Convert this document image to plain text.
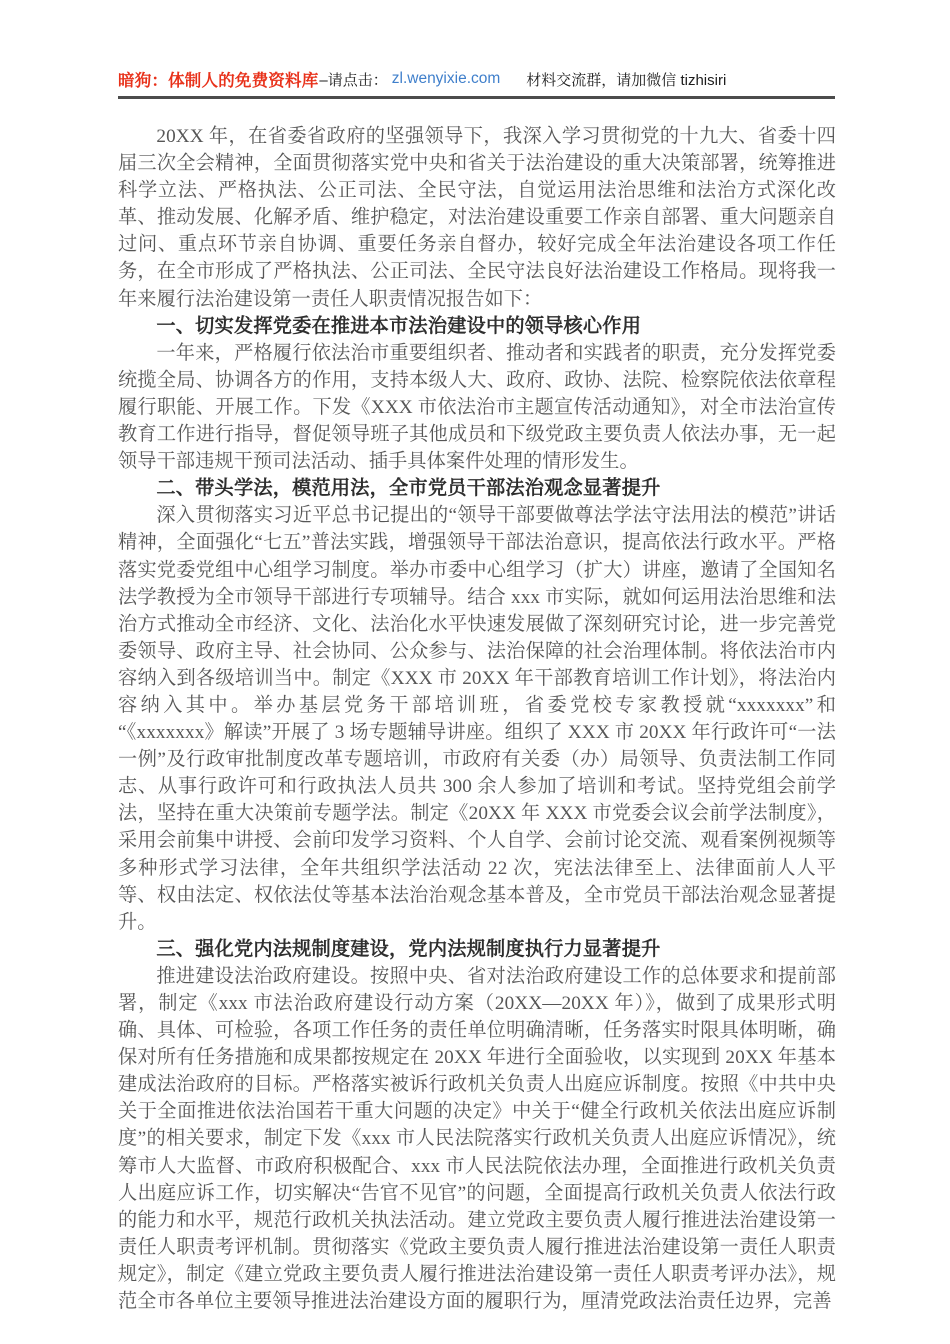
暗狗：体制人的免费资料库 –请点击： zl.wenyixie.com 材料交流群，请加微信 tizhisiri

20XX 年，在省委省政府的坚强领导下，我深入学习贯彻党的十九大、省委十四届三次全会精神，全面贯彻落实党中央和省关于法治建设的重大决策部署，统筹推进科学立法、严格执法、公正司法、全民守法，自觉运用法治思维和法治方式深化改革、推动发展、化解矛盾、维护稳定，对法治建设重要工作亲自部署、重大问题亲自过问、重点环节亲自协调、重要任务亲自督办，较好完成全年法治建设各项工作任务，在全市形成了严格执法、公正司法、全民守法良好法治建设工作格局。现将我一年来履行法治建设第一责任人职责情况报告如下：

一、切实发挥党委在推进本市法治建设中的领导核心作用

一年来，严格履行依法治市重要组织者、推动者和实践者的职责，充分发挥党委统揽全局、协调各方的作用，支持本级人大、政府、政协、法院、检察院依法依章程履行职能、开展工作。下发《XXX 市依法治市主题宣传活动通知》，对全市法治宣传教育工作进行指导，督促领导班子其他成员和下级党政主要负责人依法办事，无一起领导干部违规干预司法活动、插手具体案件处理的情形发生。

二、带头学法，模范用法，全市党员干部法治观念显著提升

深入贯彻落实习近平总书记提出的“领导干部要做尊法学法守法用法的模范”讲话精神，全面强化“七五”普法实践，增强领导干部法治意识，提高依法行政水平。严格落实党委党组中心组学习制度。举办市委中心组学习（扩大）讲座，邀请了全国知名法学教授为全市领导干部进行专项辅导。结合 xxx 市实际，就如何运用法治思维和法治方式推动全市经济、文化、法治化水平快速发展做了深刻研究讨论，进一步完善党委领导、政府主导、社会协同、公众参与、法治保障的社会治理体制。将依法治市内容纳入到各级培训当中。制定《XXX 市 20XX 年干部教育培训工作计划》，将法治内容纳入其中。举办基层党务干部培训班，省委党校专家教授就“xxxxxxx”和“《xxxxxxx》解读”开展了 3 场专题辅导讲座。组织了 XXX 市 20XX 年行政许可“一法一例”及行政审批制度改革专题培训，市政府有关委（办）局领导、负责法制工作同志、从事行政许可和行政执法人员共 300 余人参加了培训和考试。坚持党组会前学法，坚持在重大决策前专题学法。制定《20XX 年 XXX 市党委会议会前学法制度》，采用会前集中讲授、会前印发学习资料、个人自学、会前讨论交流、观看案例视频等多种形式学习法律，全年共组织学法活动 22 次，宪法法律至上、法律面前人人平等、权由法定、权依法仗等基本法治治观念基本普及，全市党员干部法治观念显著提升。

三、强化党内法规制度建设，党内法规制度执行力显著提升

推进建设法治政府建设。按照中央、省对法治政府建设工作的总体要求和提前部署，制定《xxx 市法治政府建设行动方案（20XX—20XX 年）》，做到了成果形式明确、具体、可检验，各项工作任务的责任单位明确清晰，任务落实时限具体明晰，确保对所有任务措施和成果都按规定在 20XX 年进行全面验收，以实现到 20XX 年基本建成法治政府的目标。严格落实被诉行政机关负责人出庭应诉制度。按照《中共中央关于全面推进依法治国若干重大问题的决定》中关于“健全行政机关依法出庭应诉制度”的相关要求，制定下发《xxx 市人民法院落实行政机关负责人出庭应诉情况》，统筹市人大监督、市政府积极配合、xxx 市人民法院依法办理，全面推进行政机关负责人出庭应诉工作，切实解决“告官不见官”的问题，全面提高行政机关负责人依法行政的能力和水平，规范行政机关执法活动。建立党政主要负责人履行推进法治建设第一责任人职责考评机制。贯彻落实《党政主要负责人履行推进法治建设第一责任人职责规定》，制定《建立党政主要负责人履行推进法治建设第一责任人职责考评办法》，规范全市各单位主要领导推进法治建设方面的履职行为，厘清党政法治责任边界，完善
